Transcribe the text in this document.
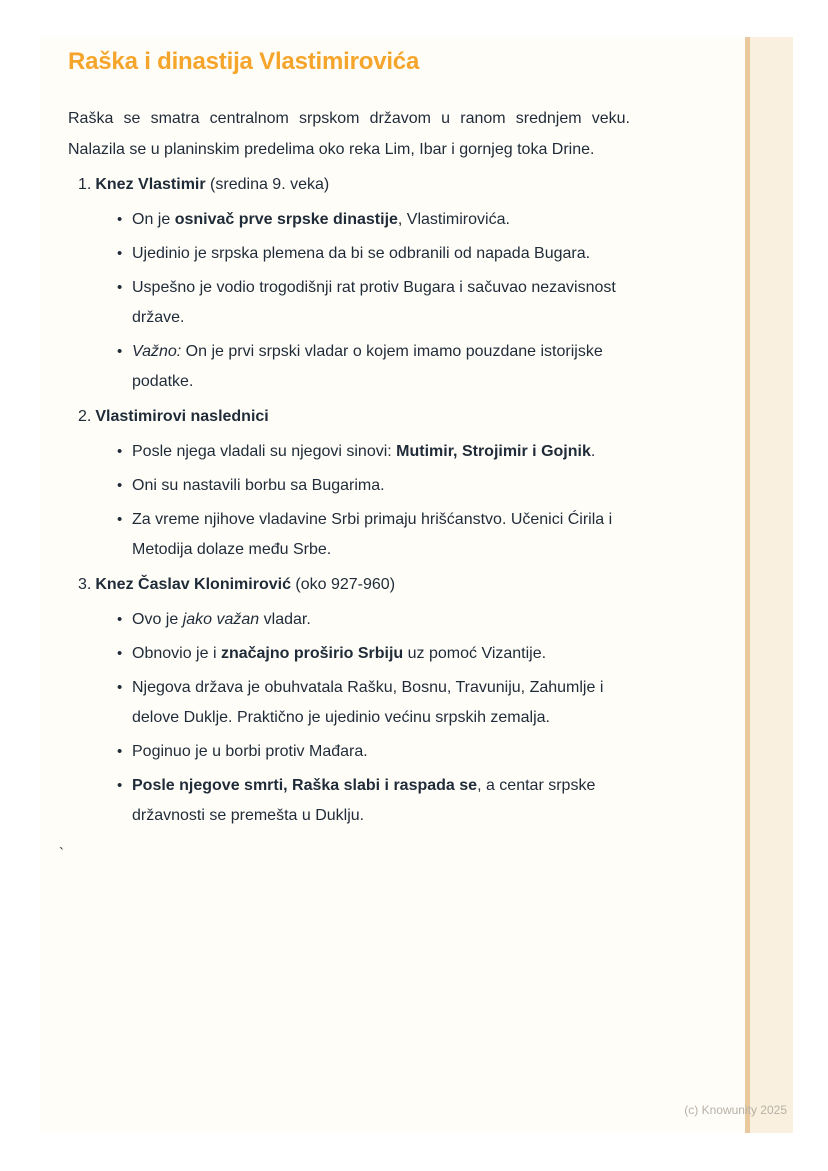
Raška i dinastija Vlastimirovića

Raška se smatra centralnom srpskom državom u ranom srednjem veku.
Nalazila se u planinskim predelima oko reka Lim, Ibar i gornjeg toka Drine.

1. Knez Vlastimir (sredina 9. veka)
• On je osnivač prve srpske dinastije, Vlastimirovića.
• Ujedinio je srpska plemena da bi se odbranili od napada Bugara.
• Uspešno je vodio trogodišnji rat protiv Bugara i sačuvao nezavisnost države.
• Važno: On je prvi srpski vladar o kojem imamo pouzdane istorijske podatke.
2. Vlastimirovi naslednici
• Posle njega vladali su njegovi sinovi: Mutimir, Strojimir i Gojnik.
• Oni su nastavili borbu sa Bugarima.
• Za vreme njihove vladavine Srbi primaju hrišćanstvo. Učenici Ćirila i Metodija dolaze među Srbe.
3. Knez Časlav Klonimirović (oko 927-960)
• Ovo je jako važan vladar.
• Obnovio je i značajno proširio Srbiju uz pomoć Vizantije.
• Njegova država je obuhvatala Rašku, Bosnu, Travuniju, Zahumlje i delove Duklje. Praktično je ujedinio većinu srpskih zemalja.
• Poginuo je u borbi protiv Mađara.
• Posle njegove smrti, Raška slabi i raspada se, a centar srpske državnosti se premešta u Duklju.
`
(c) Knowunity 2025
